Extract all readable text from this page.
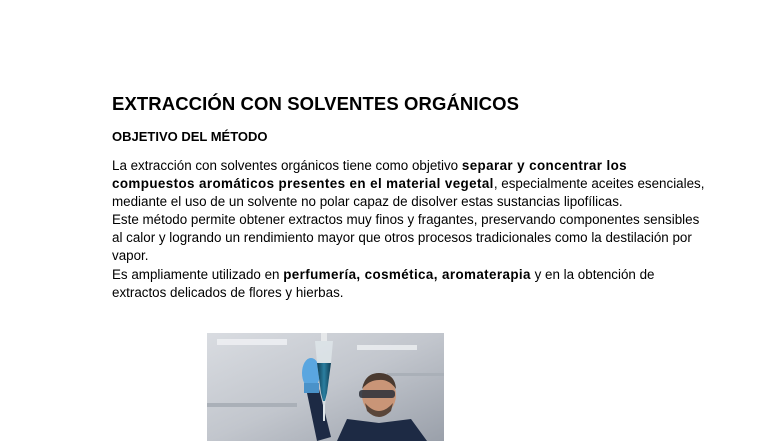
EXTRACCIÓN CON SOLVENTES ORGÁNICOS
OBJETIVO DEL MÉTODO

La extracción con solventes orgánicos tiene como objetivo separar y concentrar los compuestos aromáticos presentes en el material vegetal, especialmente aceites esenciales, mediante el uso de un solvente no polar capaz de disolver estas sustancias lipofílicas.

Este método permite obtener extractos muy finos y fragantes, preservando componentes sensibles al calor y logrando un rendimiento mayor que otros procesos tradicionales como la destilación por vapor.

Es ampliamente utilizado en perfumería, cosmética, aromaterapia y en la obtención de extractos delicados de flores y hierbas.
